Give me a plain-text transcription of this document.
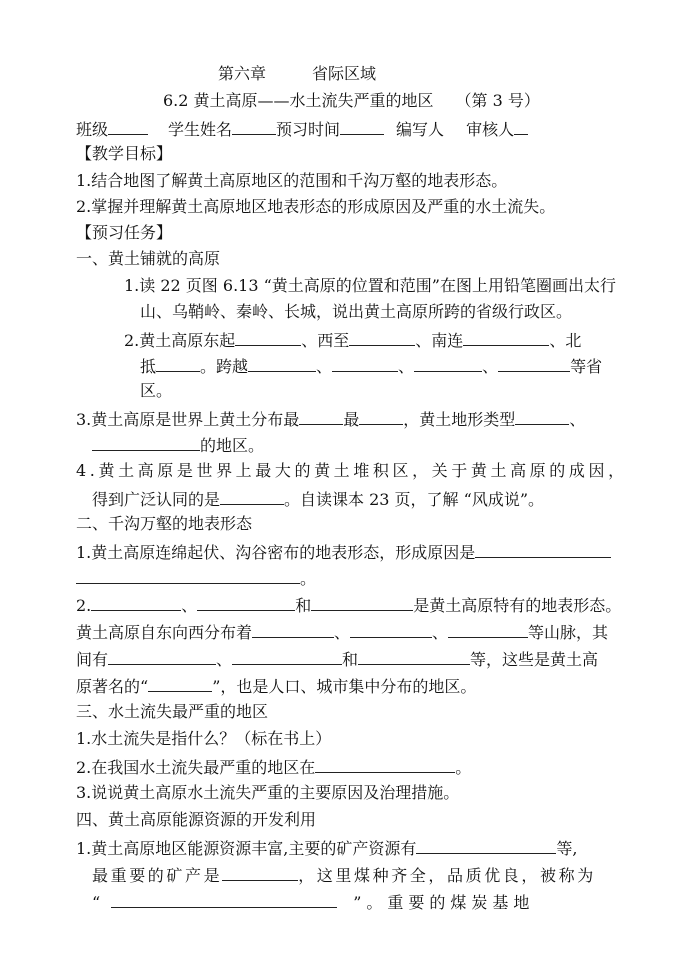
第六章	省际区域
6.2 黄土高原——水土流失严重的地区 （第 3 号）
班级	学生姓名	预习时间	编写人 审核人
【教学目标】
1.结合地图了解黄土高原地区的范围和千沟万壑的地表形态。
2.掌握并理解黄土高原地区地表形态的形成原因及严重的水土流失。
【预习任务】
一、黄土铺就的高原
1.读 22 页图 6.13 “黄土高原的位置和范围”在图上用铅笔圈画出太行
山、乌鞘岭、秦岭、长城，说出黄土高原所跨的省级行政区。
2.黄土高原东起	、西至	、南连	、北
抵	。跨越	、	、	、	等省
区。
3.黄土高原是世界上黄土分布最	最	，黄土地形类型	、
的地区。
4.黄土高原是世界上最大的黄土堆积区，关于黄土高原的成因，
得到广泛认同的是	。自读课本 23 页，了解 “风成说”。
二、千沟万壑的地表形态
1.黄土高原连绵起伏、沟谷密布的地表形态，形成原因是
。
2.	、	和	是黄土高原特有的地表形态。
黄土高原自东向西分布着	、	、	等山脉，其
间有	、	和	等，这些是黄土高
原著名的“	”，也是人口、城市集中分布的地区。
三、水土流失最严重的地区
1.水土流失是指什么？（标在书上）
2.在我国水土流失最严重的地区在	。
3.说说黄土高原水土流失严重的主要原因及治理措施。
四、黄土高原能源资源的开发利用
1.黄土高原地区能源资源丰富,主要的矿产资源有	等,
最重要的矿产是	，这里煤种齐全，品质优良，被称为
“	”。重要的煤炭基地
